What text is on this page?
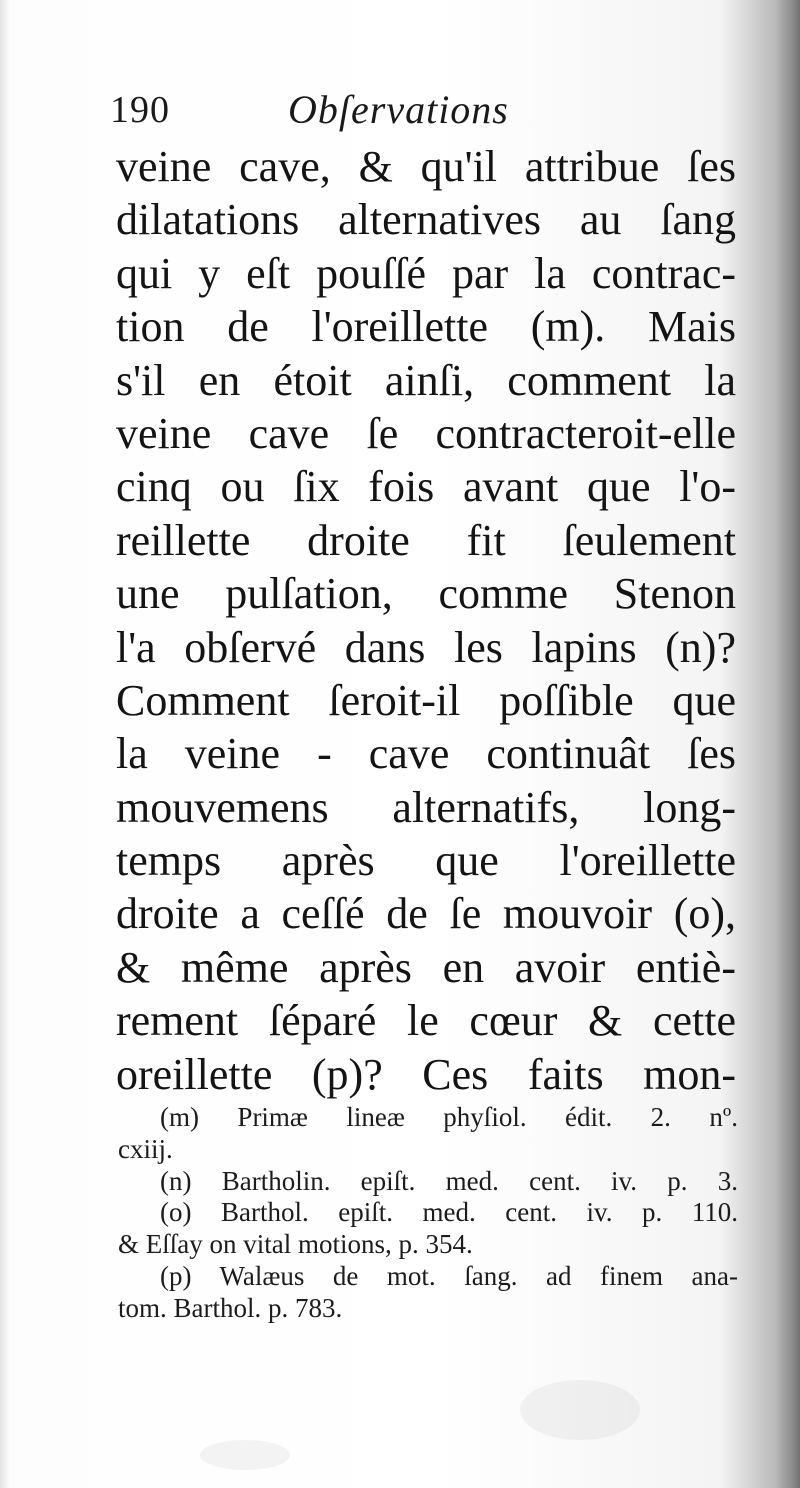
190	Obſervations
veine cave, & qu'il attribue ſes
dilatations alternatives au ſang
qui y eſt pouſſé par la contrac-
tion de l'oreillette (m). Mais
s'il en étoit ainſi, comment la
veine cave ſe contracteroit-elle
cinq ou ſix fois avant que l'o-
reillette droite fit ſeulement
une pulſation, comme Stenon
l'a obſervé dans les lapins (n)?
Comment ſeroit-il poſſible que
la veine - cave continuât ſes
mouvemens alternatifs, long-
temps après que l'oreillette
droite a ceſſé de ſe mouvoir (o),
& même après en avoir entiè-
rement ſéparé le cœur & cette
oreillette (p)? Ces faits mon-
(m) Primæ lineæ phyſiol. édit. 2. nº.
cxiij.
(n) Bartholin. epiſt. med. cent. iv. p. 3.
(o) Barthol. epiſt. med. cent. iv. p. 110.
& Eſſay on vital motions, p. 354.
(p) Walæus de mot. ſang. ad finem ana-
tom. Barthol. p. 783.
